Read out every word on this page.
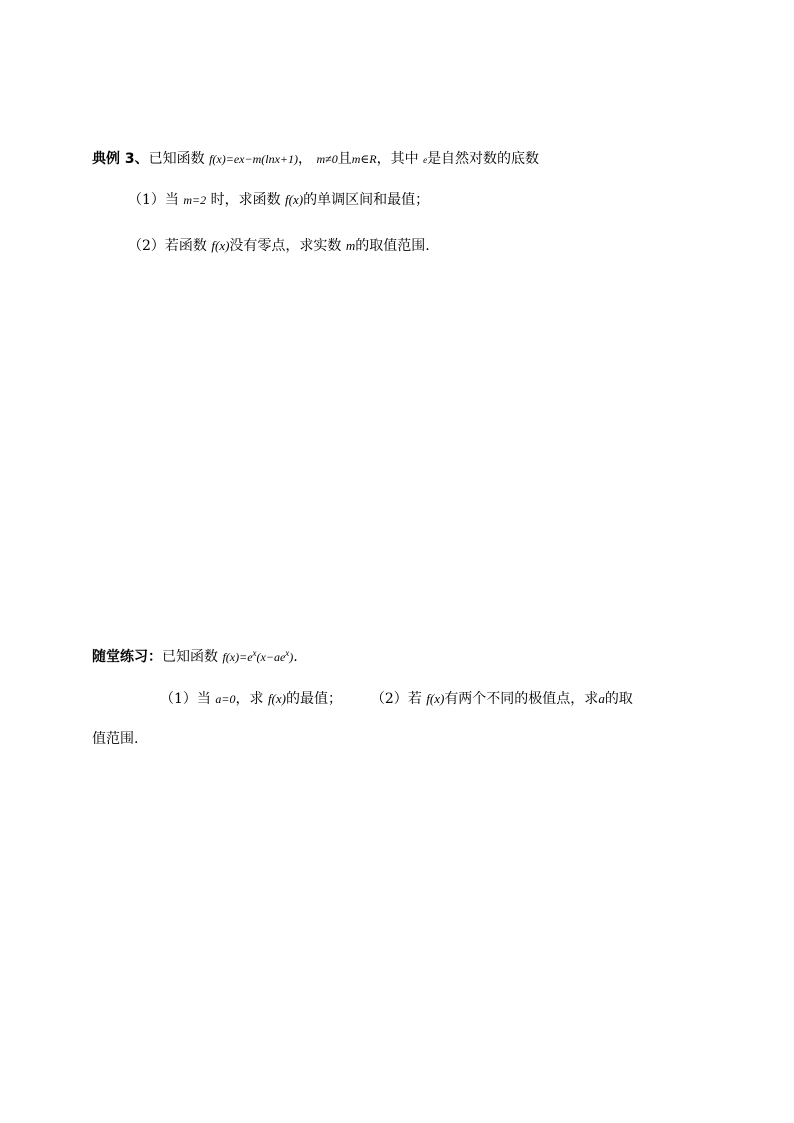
典例 3、已知函数 f(x)=ex−m(lnx+1)， m≠0且m∈R，其中 e是自然对数的底数
（1）当 m=2 时，求函数 f(x)的单调区间和最值；
（2）若函数 f(x)没有零点，求实数 m的取值范围.
随堂练习：已知函数 $f(x)=e^x(x-ae^x)$.
（1）当 a=0，求 f(x)的最值； （2）若 f(x)有两个不同的极值点，求a的取
值范围.
